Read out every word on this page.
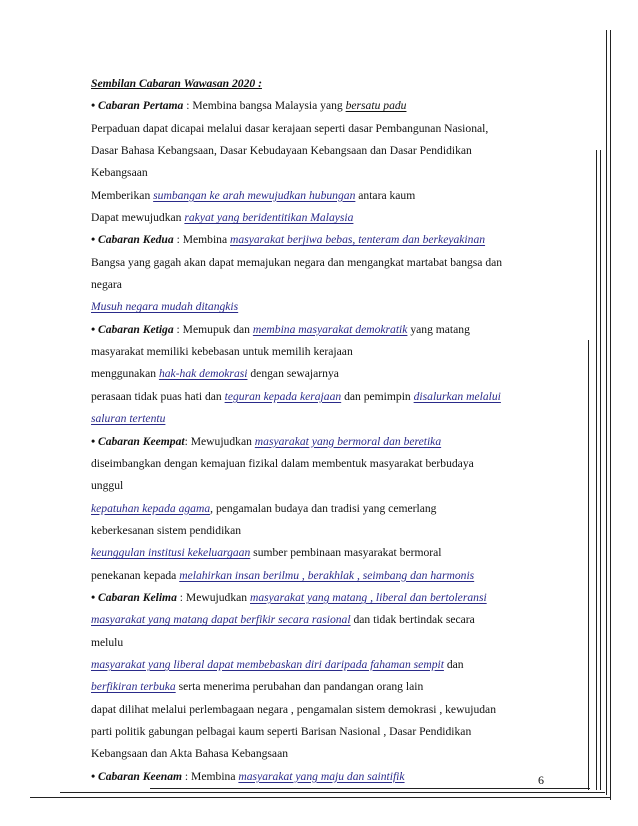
Sembilan Cabaran Wawasan 2020 :
• Cabaran Pertama : Membina bangsa Malaysia yang bersatu padu
Perpaduan dapat dicapai melalui dasar kerajaan seperti dasar Pembangunan Nasional,
Dasar Bahasa Kebangsaan, Dasar Kebudayaan Kebangsaan dan Dasar Pendidikan
Kebangsaan
Memberikan sumbangan ke arah mewujudkan hubungan antara kaum
Dapat mewujudkan rakyat yang beridentitikan Malaysia
• Cabaran Kedua : Membina masyarakat berjiwa bebas, tenteram dan berkeyakinan
Bangsa yang gagah akan dapat memajukan negara dan mengangkat martabat bangsa dan
negara
Musuh negara mudah ditangkis
• Cabaran Ketiga : Memupuk dan membina masyarakat demokratik yang matang
masyarakat memiliki kebebasan untuk memilih kerajaan
menggunakan hak-hak demokrasi dengan sewajarnya
perasaan tidak puas hati dan teguran kepada kerajaan dan pemimpin disalurkan melalui
saluran tertentu
• Cabaran Keempat: Mewujudkan masyarakat yang bermoral dan beretika
diseimbangkan dengan kemajuan fizikal dalam membentuk masyarakat berbudaya
unggul
kepatuhan kepada agama, pengamalan budaya dan tradisi yang cemerlang
keberkesanan sistem pendidikan
keunggulan institusi kekeluargaan sumber pembinaan masyarakat bermoral
penekanan kepada melahirkan insan berilmu , berakhlak , seimbang dan harmonis
• Cabaran Kelima : Mewujudkan masyarakat yang matang , liberal dan bertoleransi
masyarakat yang matang dapat berfikir secara rasional dan tidak bertindak secara
melulu
masyarakat yang liberal dapat membebaskan diri daripada fahaman sempit dan
berfikiran terbuka serta menerima perubahan dan pandangan orang lain
dapat dilihat melalui perlembagaan negara , pengamalan sistem demokrasi , kewujudan
parti politik gabungan pelbagai kaum seperti Barisan Nasional , Dasar Pendidikan
Kebangsaan dan Akta Bahasa Kebangsaan
• Cabaran Keenam : Membina masyarakat yang maju dan saintifik	6
